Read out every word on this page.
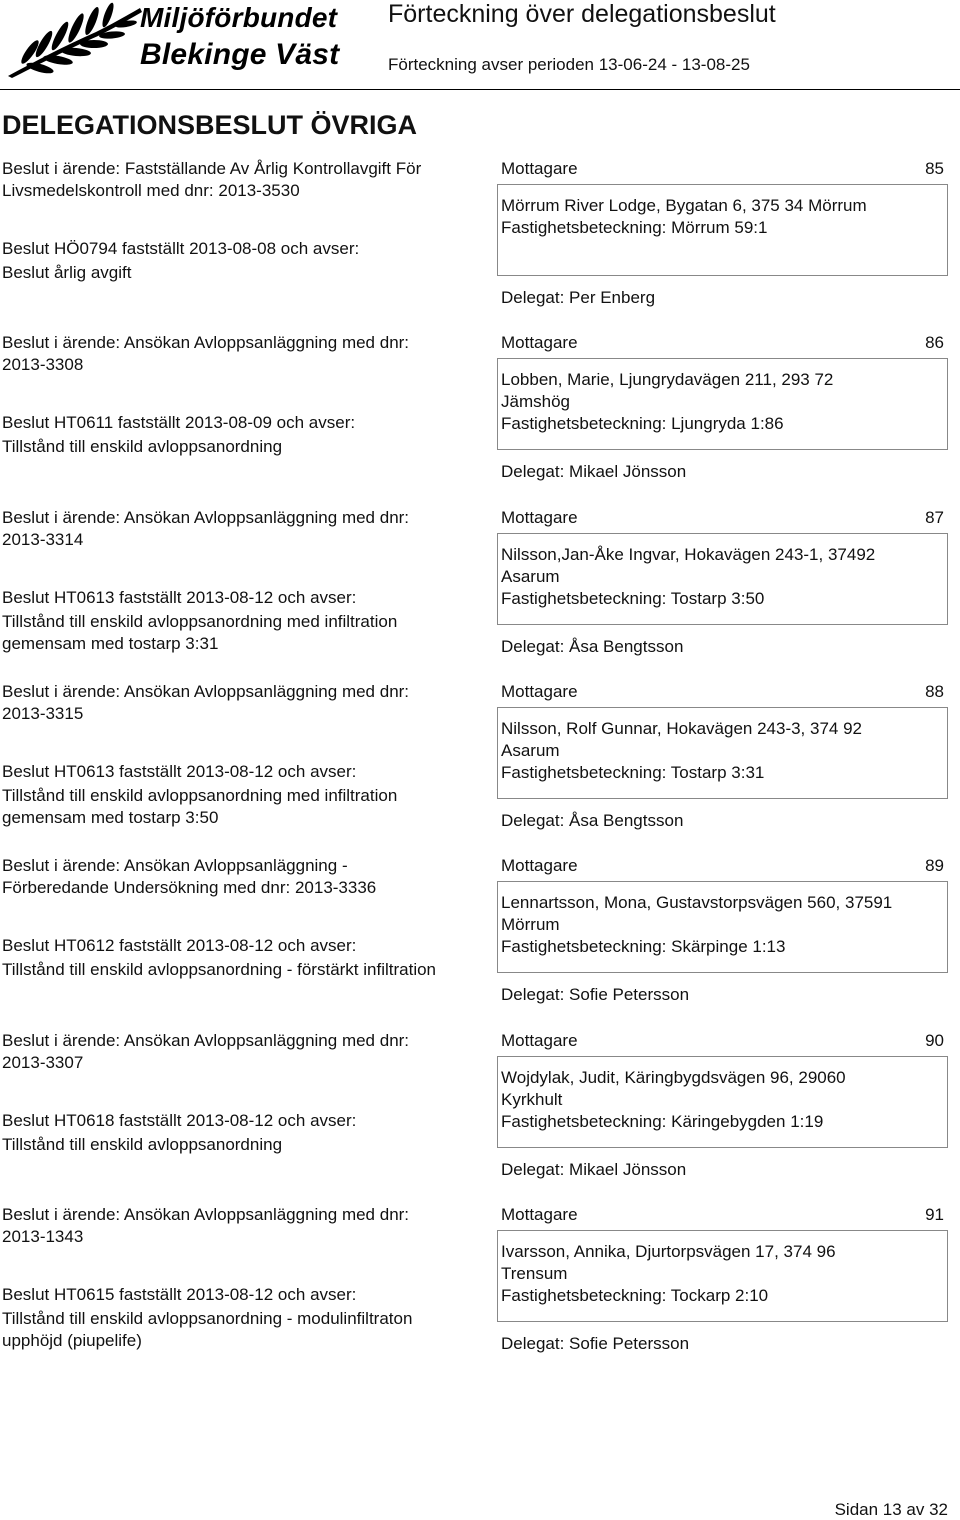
Miljöförbundet
Blekinge Väst
Förteckning över delegationsbeslut
Förteckning avser perioden 13-06-24 - 13-08-25
DELEGATIONSBESLUT ÖVRIGA
Beslut i ärende: Fastställande Av Årlig Kontrollavgift För
Livsmedelskontroll med dnr: 2013-3530
Beslut HÖ0794 fastställt 2013-08-08 och avser:
Beslut årlig avgift
Mottagare	85
Mörrum River Lodge, Bygatan 6, 375 34 Mörrum
Fastighetsbeteckning: Mörrum 59:1
Delegat: Per Enberg
Beslut i ärende: Ansökan Avloppsanläggning med dnr:
2013-3308
Beslut HT0611 fastställt 2013-08-09 och avser:
Tillstånd till enskild avloppsanordning
Mottagare	86
Lobben, Marie, Ljungrydavägen 211, 293 72
Jämshög
Fastighetsbeteckning: Ljungryda 1:86
Delegat: Mikael Jönsson
Beslut i ärende: Ansökan Avloppsanläggning med dnr:
2013-3314
Beslut HT0613 fastställt 2013-08-12 och avser:
Tillstånd till enskild avloppsanordning med infiltration
gemensam med tostarp 3:31
Mottagare	87
Nilsson,Jan-Åke Ingvar, Hokavägen 243-1, 37492
Asarum
Fastighetsbeteckning: Tostarp 3:50
Delegat: Åsa Bengtsson
Beslut i ärende: Ansökan Avloppsanläggning med dnr:
2013-3315
Beslut HT0613 fastställt 2013-08-12 och avser:
Tillstånd till enskild avloppsanordning med infiltration
gemensam med tostarp 3:50
Mottagare	88
Nilsson, Rolf Gunnar, Hokavägen 243-3, 374 92
Asarum
Fastighetsbeteckning: Tostarp 3:31
Delegat: Åsa Bengtsson
Beslut i ärende: Ansökan Avloppsanläggning -
Förberedande Undersökning med dnr: 2013-3336
Beslut HT0612 fastställt 2013-08-12 och avser:
Tillstånd till enskild avloppsanordning - förstärkt infiltration
Mottagare	89
Lennartsson, Mona, Gustavstorpsvägen 560, 37591
Mörrum
Fastighetsbeteckning: Skärpinge 1:13
Delegat: Sofie Petersson
Beslut i ärende: Ansökan Avloppsanläggning med dnr:
2013-3307
Beslut HT0618 fastställt 2013-08-12 och avser:
Tillstånd till enskild avloppsanordning
Mottagare	90
Wojdylak, Judit, Käringbygdsvägen 96, 29060
Kyrkhult
Fastighetsbeteckning: Käringebygden 1:19
Delegat: Mikael Jönsson
Beslut i ärende: Ansökan Avloppsanläggning med dnr:
2013-1343
Beslut HT0615 fastställt 2013-08-12 och avser:
Tillstånd till enskild avloppsanordning - modulinfiltraton
upphöjd (piupelife)
Mottagare	91
Ivarsson, Annika, Djurtorpsvägen 17, 374 96
Trensum
Fastighetsbeteckning: Tockarp 2:10
Delegat: Sofie Petersson
Sidan 13 av 32
